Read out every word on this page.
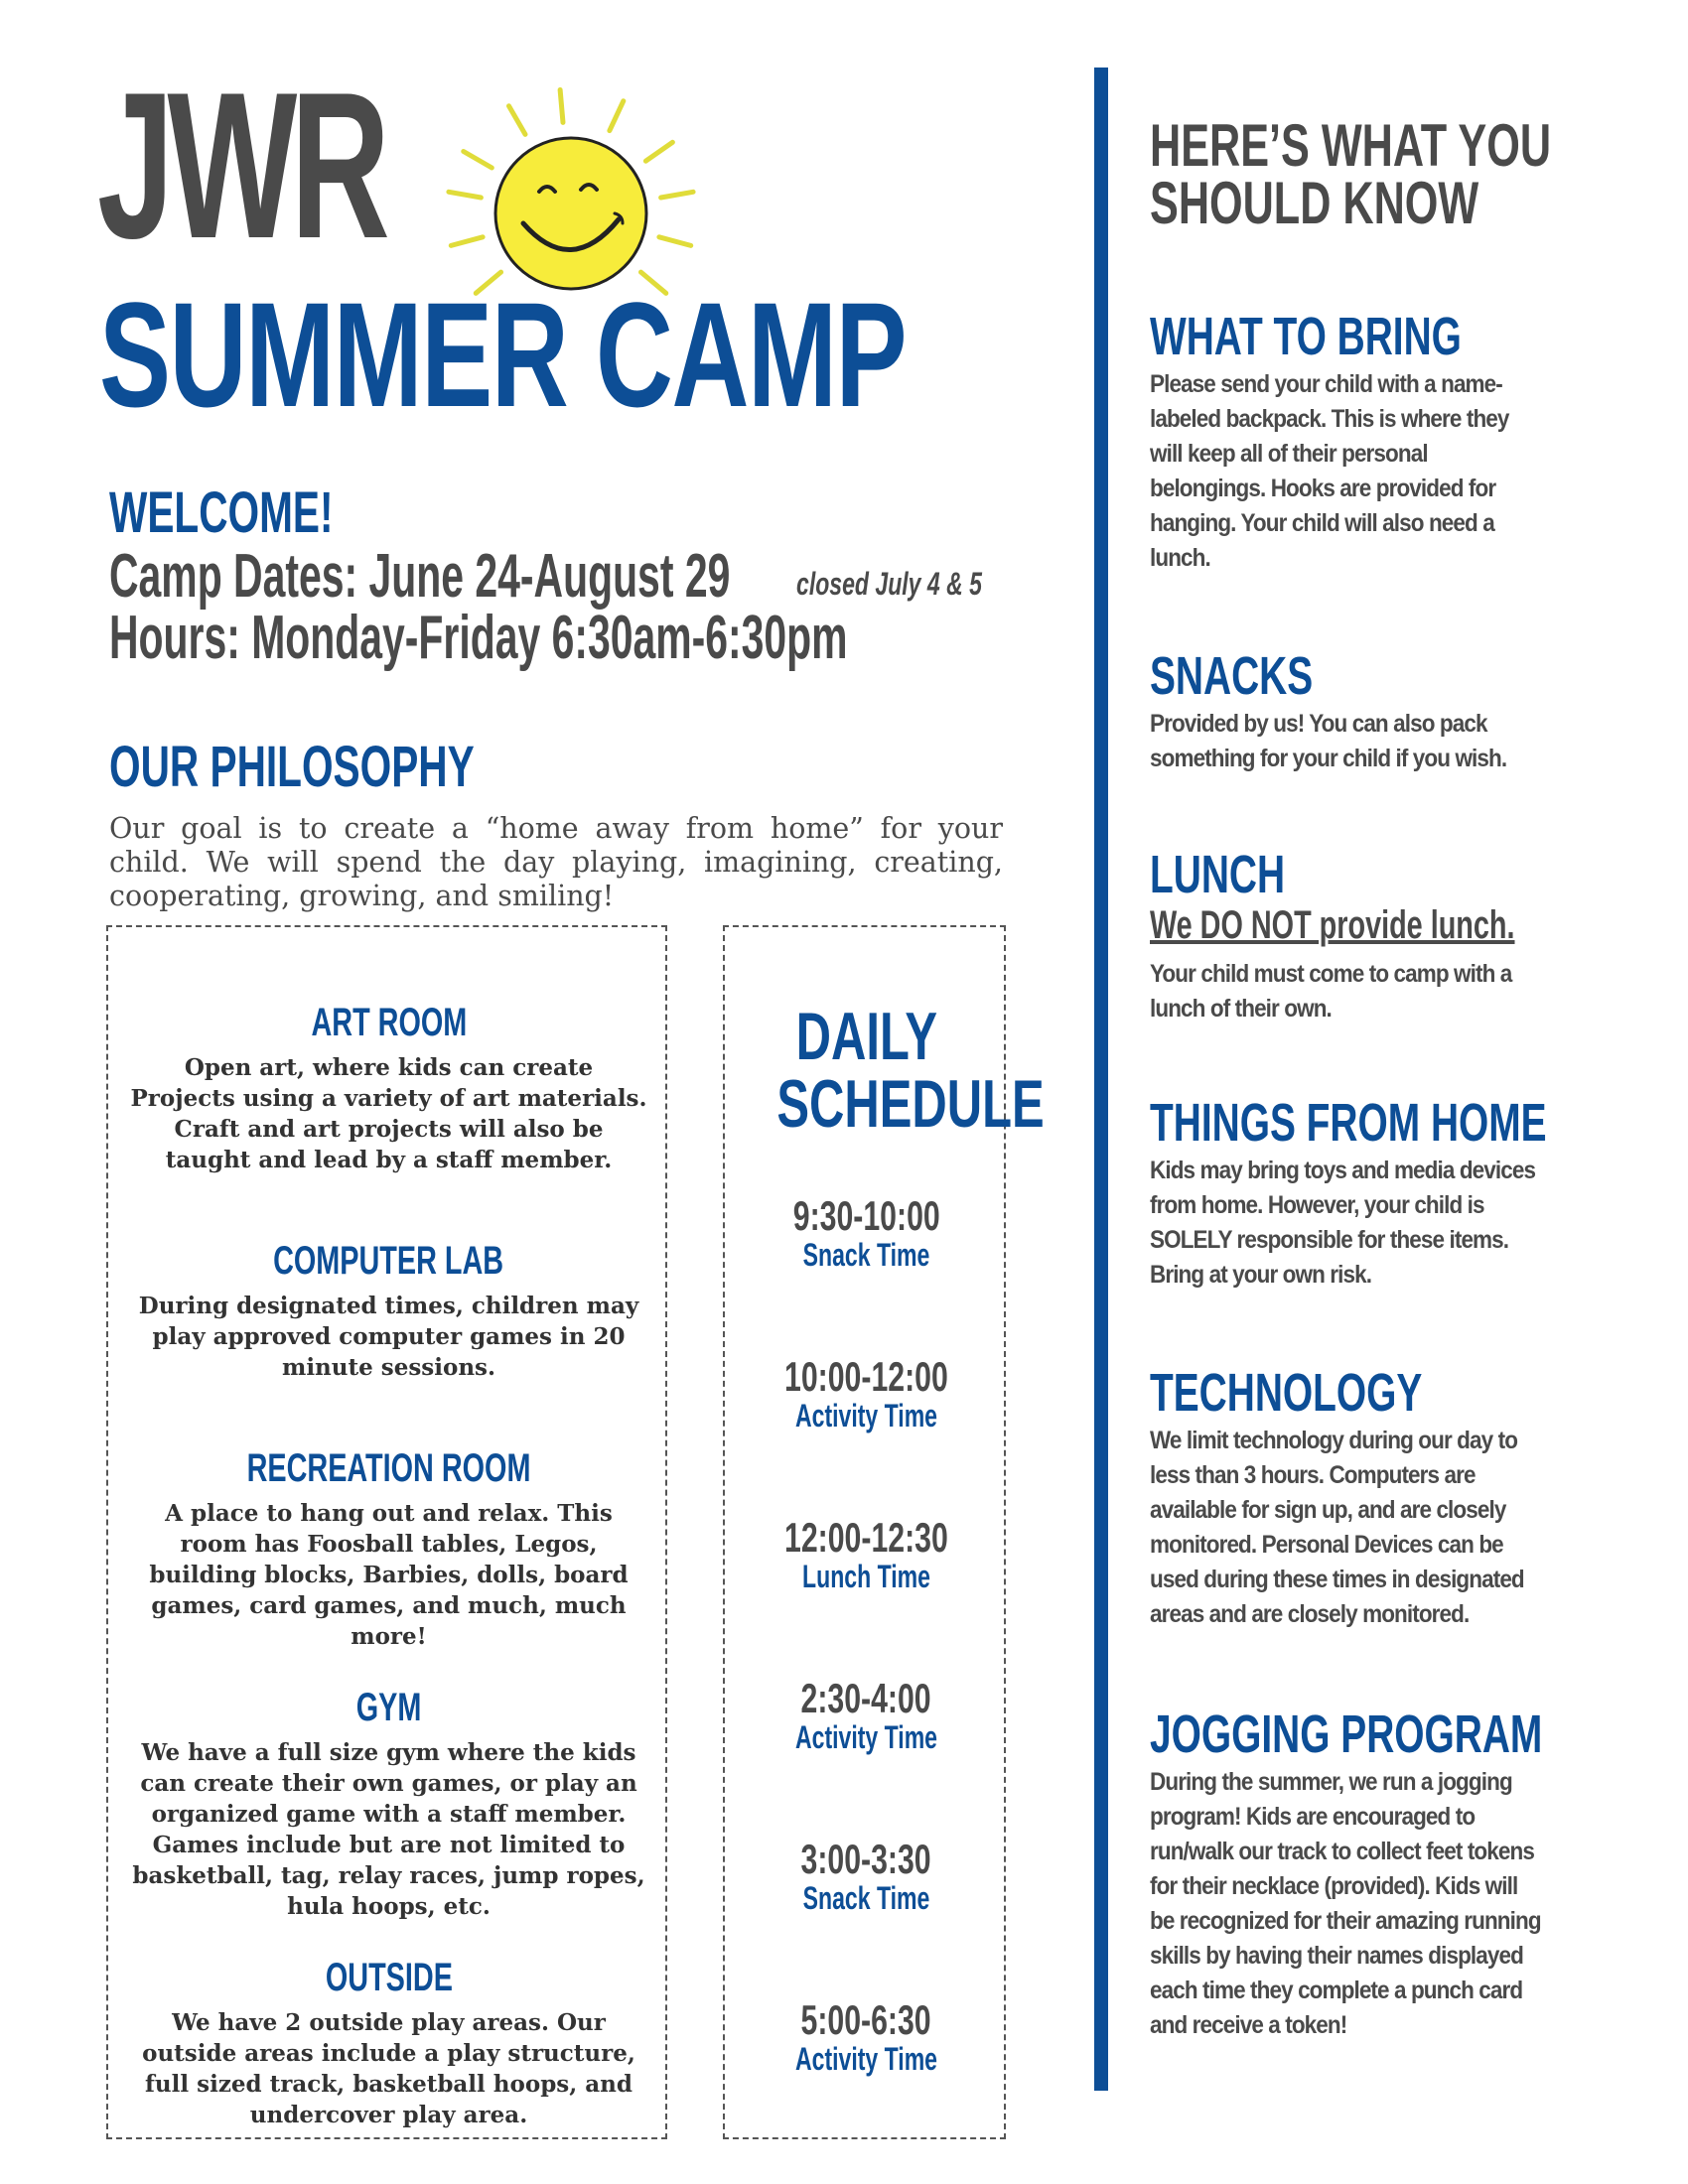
JWR
SUMMER CAMP
WELCOME!
Camp Dates: June 24-August 29	closed July 4 & 5
Hours: Monday-Friday 6:30am-6:30pm
OUR PHILOSOPHY
Our goal is to create a “home away from home” for your child. We will spend the day playing, imagining, creating, cooperating, growing, and smiling!
ART ROOM
Open art, where kids can create Projects using a variety of art materials. Craft and art projects will also be taught and lead by a staff member.
COMPUTER LAB
During designated times, children may play approved computer games in 20 minute sessions.
RECREATION ROOM
A place to hang out and relax. This room has Foosball tables, Legos, building blocks, Barbies, dolls, board games, card games, and much, much more!
GYM
We have a full size gym where the kids can create their own games, or play an organized game with a staff member. Games include but are not limited to basketball, tag, relay races, jump ropes, hula hoops, etc.
OUTSIDE
We have 2 outside play areas. Our outside areas include a play structure, full sized track, basketball hoops, and undercover play area.
DAILY
SCHEDULE
9:30-10:00
Snack Time
10:00-12:00
Activity Time
12:00-12:30
Lunch Time
2:30-4:00
Activity Time
3:00-3:30
Snack Time
5:00-6:30
Activity Time
HERE’S WHAT YOU
SHOULD KNOW
WHAT TO BRING
Please send your child with a name-labeled backpack. This is where they will keep all of their personal belongings. Hooks are provided for hanging. Your child will also need a lunch.
SNACKS
Provided by us! You can also pack something for your child if you wish.
LUNCH
We DO NOT provide lunch.
Your child must come to camp with a lunch of their own.
THINGS FROM HOME
Kids may bring toys and media devices from home. However, your child is SOLELY responsible for these items. Bring at your own risk.
TECHNOLOGY
We limit technology during our day to less than 3 hours. Computers are available for sign up, and are closely monitored. Personal Devices can be used during these times in designated areas and are closely monitored.
JOGGING PROGRAM
During the summer, we run a jogging program! Kids are encouraged to run/walk our track to collect feet tokens for their necklace (provided). Kids will be recognized for their amazing running skills by having their names displayed each time they complete a punch card and receive a token!
